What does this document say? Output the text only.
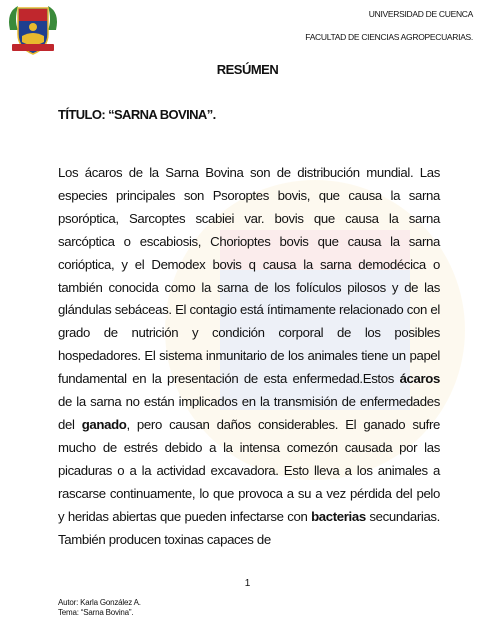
UNIVERSIDAD DE CUENCA
FACULTAD DE CIENCIAS AGROPECUARIAS.
RESÚMEN
TÍTULO: “SARNA BOVINA”.
Los ácaros de la Sarna Bovina son de distribución mundial. Las especies principales son Psoroptes bovis, que causa la sarna psoróptica, Sarcoptes scabiei var. bovis que causa la sarna sarcóptica o escabiosis, Chorioptes bovis que causa la sarna corióptica, y el Demodex bovis q causa la sarna demodécica o también conocida como la sarna de los folículos pilosos y de las glándulas sebáceas. El contagio está íntimamente relacionado con el grado de nutrición y condición corporal de los posibles hospedadores. El sistema inmunitario de los animales tiene un papel fundamental en la presentación de esta enfermedad.Estos ácaros de la sarna no están implicados en la transmisión de enfermedades del ganado, pero causan daños considerables. El ganado sufre mucho de estrés debido a la intensa comezón causada por las picaduras o a la actividad excavadora. Esto lleva a los animales a rascarse continuamente, lo que provoca a su a vez pérdida del pelo y heridas abiertas que pueden infectarse con bacterias secundarias. También producen toxinas capaces de
1
Autor: Karla González A.
Tema: “Sarna Bovina”.
